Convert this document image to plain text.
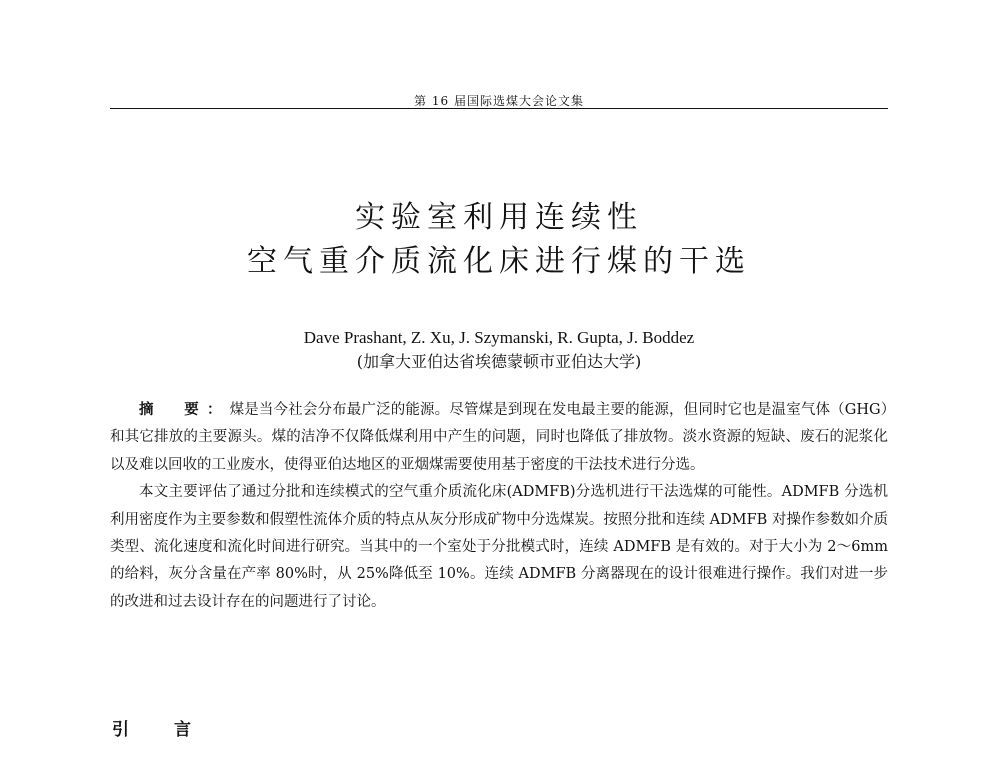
第 16 届国际选煤大会论文集
实验室利用连续性
空气重介质流化床进行煤的干选
Dave Prashant, Z. Xu, J. Szymanski, R. Gupta, J. Boddez
(加拿大亚伯达省埃德蒙顿市亚伯达大学)

摘　要：煤是当今社会分布最广泛的能源。尽管煤是到现在发电最主要的能源，但同时它也是温室气体（GHG）和其它排放的主要源头。煤的洁净不仅降低煤利用中产生的问题，同时也降低了排放物。淡水资源的短缺、废石的泥浆化以及难以回收的工业废水，使得亚伯达地区的亚烟煤需要使用基于密度的干法技术进行分选。

本文主要评估了通过分批和连续模式的空气重介质流化床(ADMFB)分选机进行干法选煤的可能性。ADMFB 分选机利用密度作为主要参数和假塑性流体介质的特点从灰分形成矿物中分选煤炭。按照分批和连续 ADMFB 对操作参数如介质类型、流化速度和流化时间进行研究。当其中的一个室处于分批模式时，连续 ADMFB 是有效的。对于大小为 2～6mm 的给料，灰分含量在产率 80%时，从 25%降低至 10%。连续 ADMFB 分离器现在的设计很难进行操作。我们对进一步的改进和过去设计存在的问题进行了讨论。

引　言
